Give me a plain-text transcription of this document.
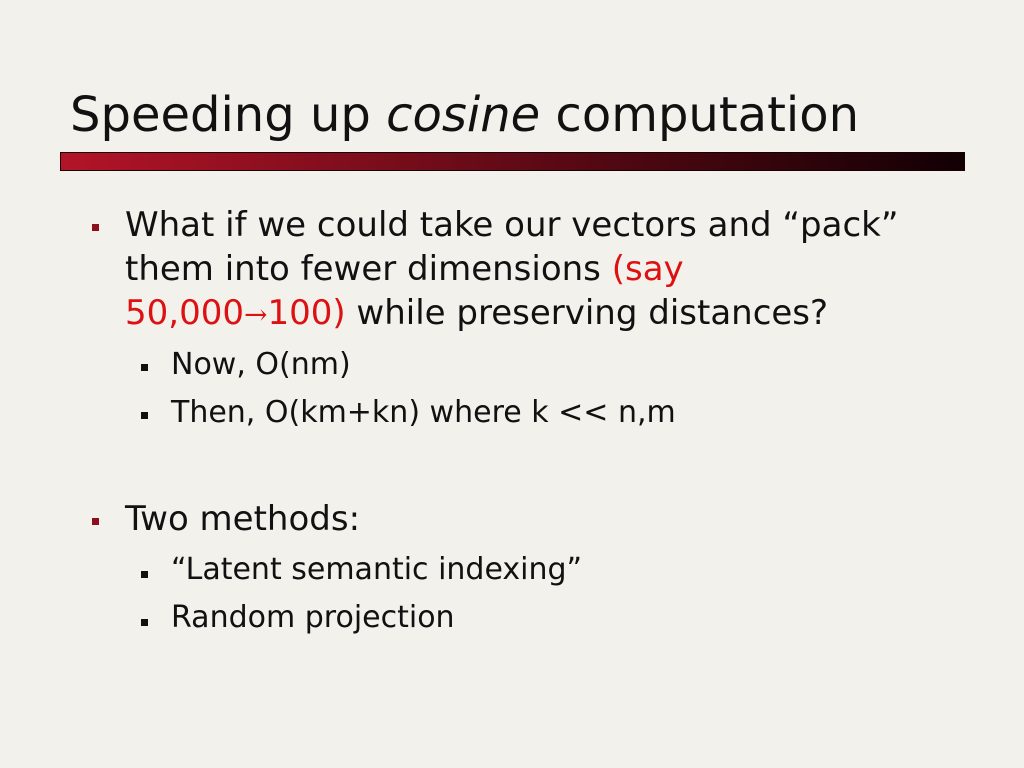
Speeding up cosine computation
What if we could take our vectors and “pack”
them into fewer dimensions (say
50,000→100) while preserving distances?
Now, O(nm)
Then, O(km+kn) where k << n,m
Two methods:
“Latent semantic indexing”
Random projection
